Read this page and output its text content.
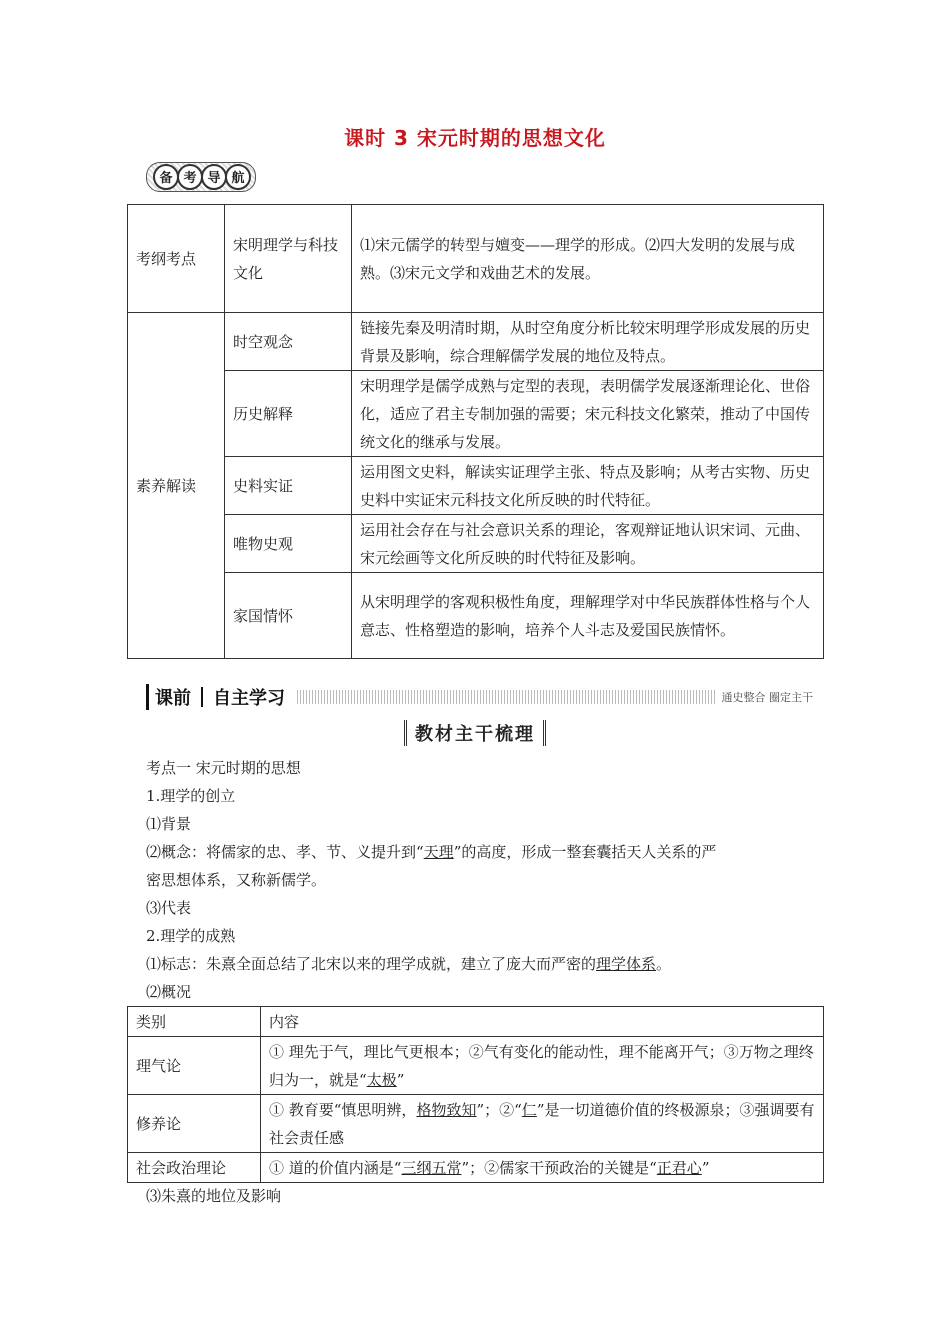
课时 3 宋元时期的思想文化
备 考 导 航
考纲考点	宋明理学与科技文化	⑴宋元儒学的转型与嬗变——理学的形成。⑵四大发明的发展与成熟。⑶宋元文学和戏曲艺术的发展。
素养解读	时空观念	链接先秦及明清时期，从时空角度分析比较宋明理学形成发展的历史背景及影响，综合理解儒学发展的地位及特点。
	历史解释	宋明理学是儒学成熟与定型的表现，表明儒学发展逐渐理论化、世俗化，适应了君主专制加强的需要；宋元科技文化繁荣，推动了中国传统文化的继承与发展。
	史料实证	运用图文史料，解读实证理学主张、特点及影响；从考古实物、历史史料中实证宋元科技文化所反映的时代特征。
	唯物史观	运用社会存在与社会意识关系的理论，客观辩证地认识宋词、元曲、宋元绘画等文化所反映的时代特征及影响。
	家国情怀	从宋明理学的客观积极性角度，理解理学对中华民族群体性格与个人意志、性格塑造的影响，培养个人斗志及爱国民族情怀。
课前	自主学习	通史整合 圈定主干
教材主干梳理
考点一 宋元时期的思想
1.理学的创立
⑴背景
⑵概念：将儒家的忠、孝、节、义提升到“天理”的高度，形成一整套囊括天人关系的严
密思想体系，又称新儒学。
⑶代表
2.理学的成熟
⑴标志：朱熹全面总结了北宋以来的理学成就，建立了庞大而严密的理学体系。
⑵概况
类别	内容
理气论	① 理先于气，理比气更根本；②气有变化的能动性，理不能离开气；③万物之理终归为一，就是“太极”
修养论	① 教育要“慎思明辨，格物致知”；②“仁”是一切道德价值的终极源泉；③强调要有社会责任感
社会政治理论	① 道的价值内涵是“三纲五常”；②儒家干预政治的关键是“正君心”
⑶朱熹的地位及影响
